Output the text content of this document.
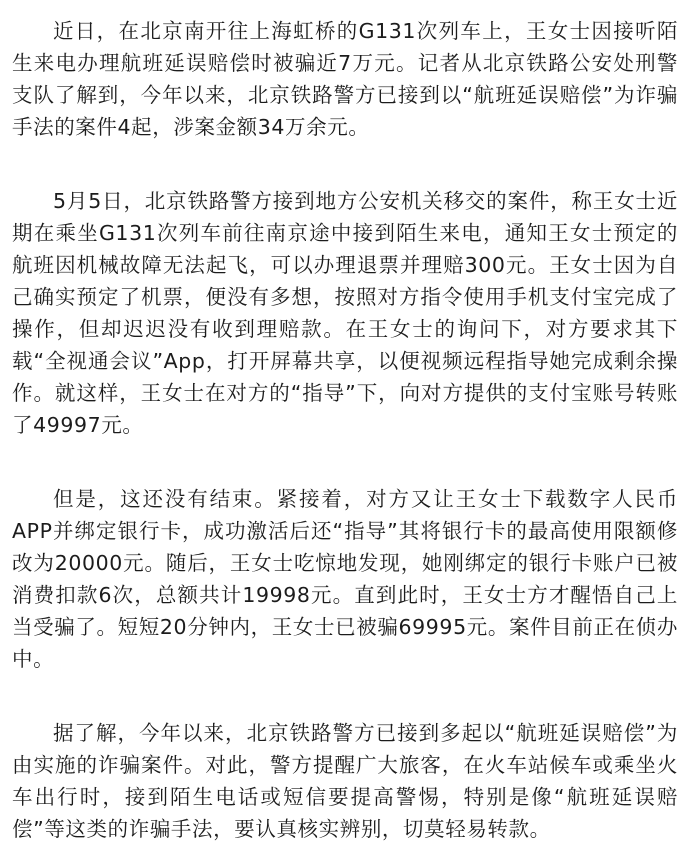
近日，在北京南开往上海虹桥的G131次列车上，王女士因接听陌生来电办理航班延误赔偿时被骗近7万元。记者从北京铁路公安处刑警支队了解到，今年以来，北京铁路警方已接到以“航班延误赔偿”为诈骗手法的案件4起，涉案金额34万余元。

5月5日，北京铁路警方接到地方公安机关移交的案件，称王女士近期在乘坐G131次列车前往南京途中接到陌生来电，通知王女士预定的航班因机械故障无法起飞，可以办理退票并理赔300元。王女士因为自己确实预定了机票，便没有多想，按照对方指令使用手机支付宝完成了操作，但却迟迟没有收到理赔款。在王女士的询问下，对方要求其下载“全视通会议”App，打开屏幕共享，以便视频远程指导她完成剩余操作。就这样，王女士在对方的“指导”下，向对方提供的支付宝账号转账了49997元。

但是，这还没有结束。紧接着，对方又让王女士下载数字人民币APP并绑定银行卡，成功激活后还“指导”其将银行卡的最高使用限额修改为20000元。随后，王女士吃惊地发现，她刚绑定的银行卡账户已被消费扣款6次，总额共计19998元。直到此时，王女士方才醒悟自己上当受骗了。短短20分钟内，王女士已被骗69995元。案件目前正在侦办中。

据了解，今年以来，北京铁路警方已接到多起以“航班延误赔偿”为由实施的诈骗案件。对此，警方提醒广大旅客，在火车站候车或乘坐火车出行时，接到陌生电话或短信要提高警惕，特别是像“航班延误赔偿”等这类的诈骗手法，要认真核实辨别，切莫轻易转款。
